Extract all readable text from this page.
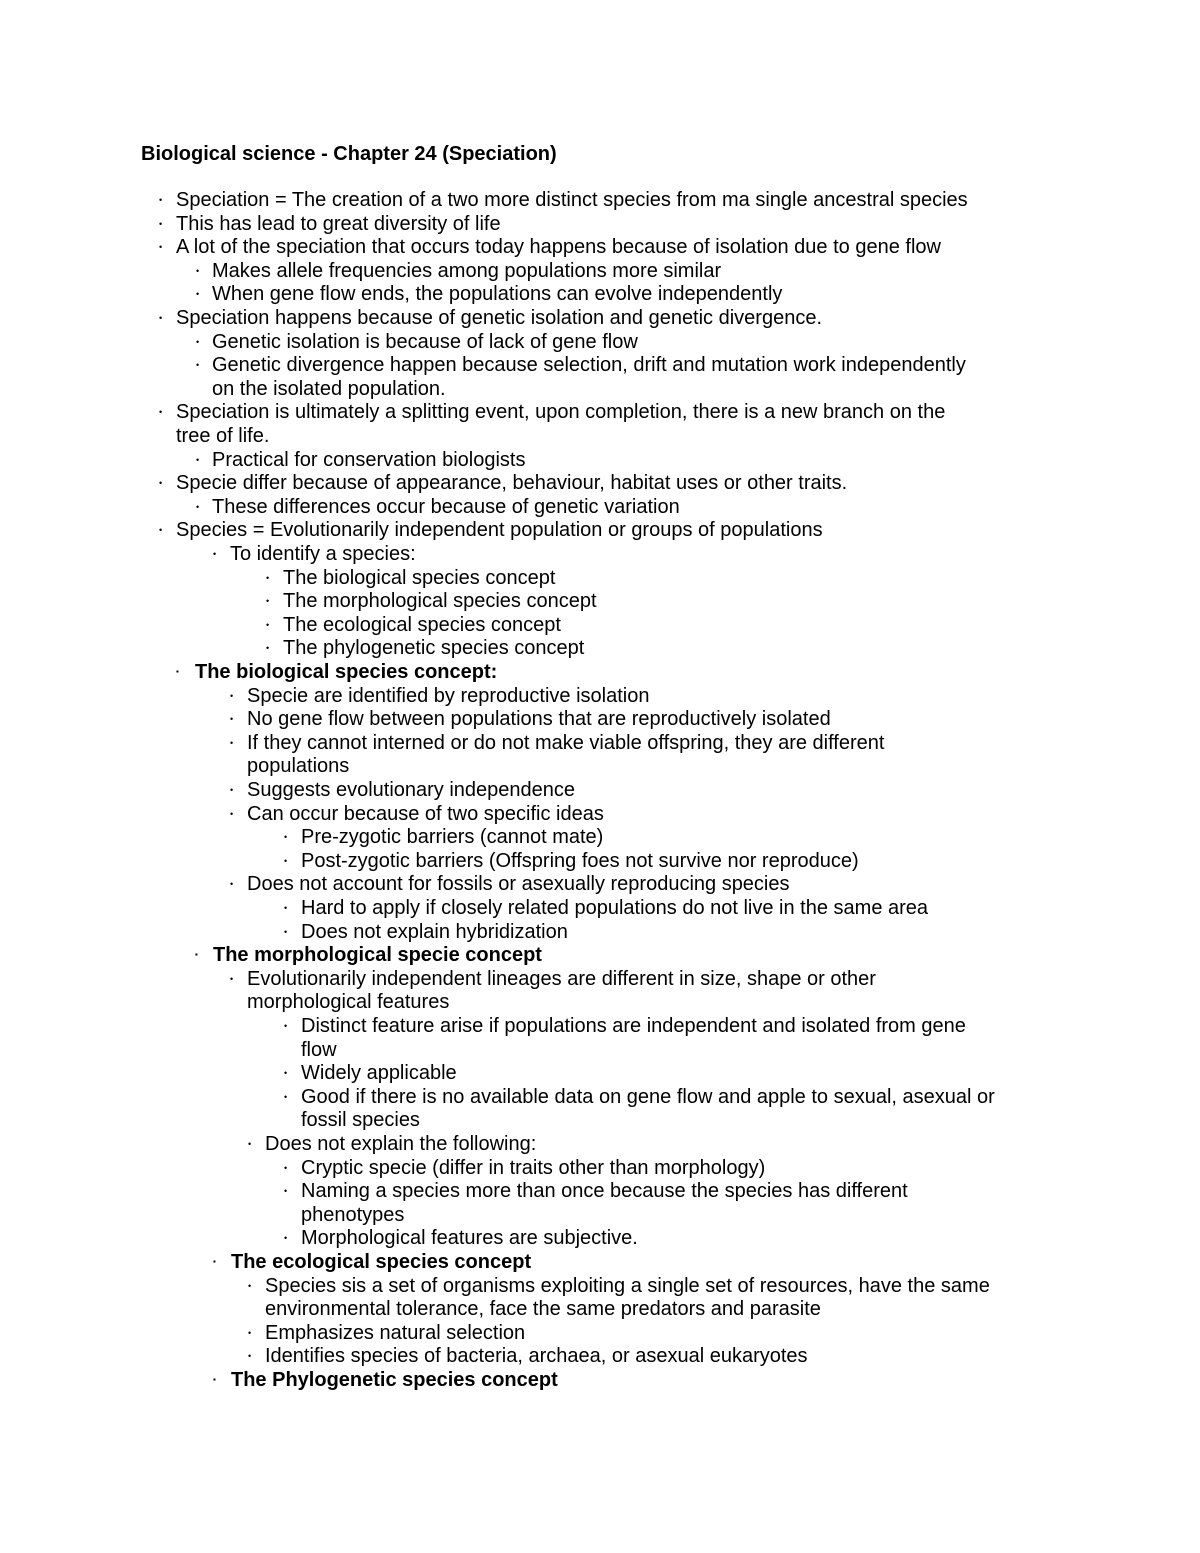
Biological science - Chapter 24 (Speciation)
• Speciation = The creation of a two more distinct species from ma single ancestral species
• This has lead to great diversity of life
• A lot of the speciation that occurs today happens because of isolation due to gene flow
• Makes allele frequencies among populations more similar
• When gene flow ends, the populations can evolve independently
• Speciation happens because of genetic isolation and genetic divergence.
• Genetic isolation is because of lack of gene flow
• Genetic divergence happen because selection, drift and mutation work independently
on the isolated population.
• Speciation is ultimately a splitting event, upon completion, there is a new branch on the
tree of life.
• Practical for conservation biologists
• Specie differ because of appearance, behaviour, habitat uses or other traits.
• These differences occur because of genetic variation
• Species = Evolutionarily independent population or groups of populations
• To identify a species:
• The biological species concept
• The morphological species concept
• The ecological species concept
• The phylogenetic species concept
▪ The biological species concept:
• Specie are identified by reproductive isolation
• No gene flow between populations that are reproductively isolated
• If they cannot interned or do not make viable offspring, they are different
populations
• Suggests evolutionary independence
• Can occur because of two specific ideas
• Pre-zygotic barriers (cannot mate)
• Post-zygotic barriers (Offspring foes not survive nor reproduce)
• Does not account for fossils or asexually reproducing species
• Hard to apply if closely related populations do not live in the same area
• Does not explain hybridization
▪ The morphological specie concept
• Evolutionarily independent lineages are different in size, shape or other
morphological features
• Distinct feature arise if populations are independent and isolated from gene
flow
• Widely applicable
• Good if there is no available data on gene flow and apple to sexual, asexual or
fossil species
• Does not explain the following:
• Cryptic specie (differ in traits other than morphology)
• Naming a species more than once because the species has different
phenotypes
• Morphological features are subjective.
▪ The ecological species concept
• Species sis a set of organisms exploiting a single set of resources, have the same
environmental tolerance, face the same predators and parasite
• Emphasizes natural selection
• Identifies species of bacteria, archaea, or asexual eukaryotes
▪ The Phylogenetic species concept
